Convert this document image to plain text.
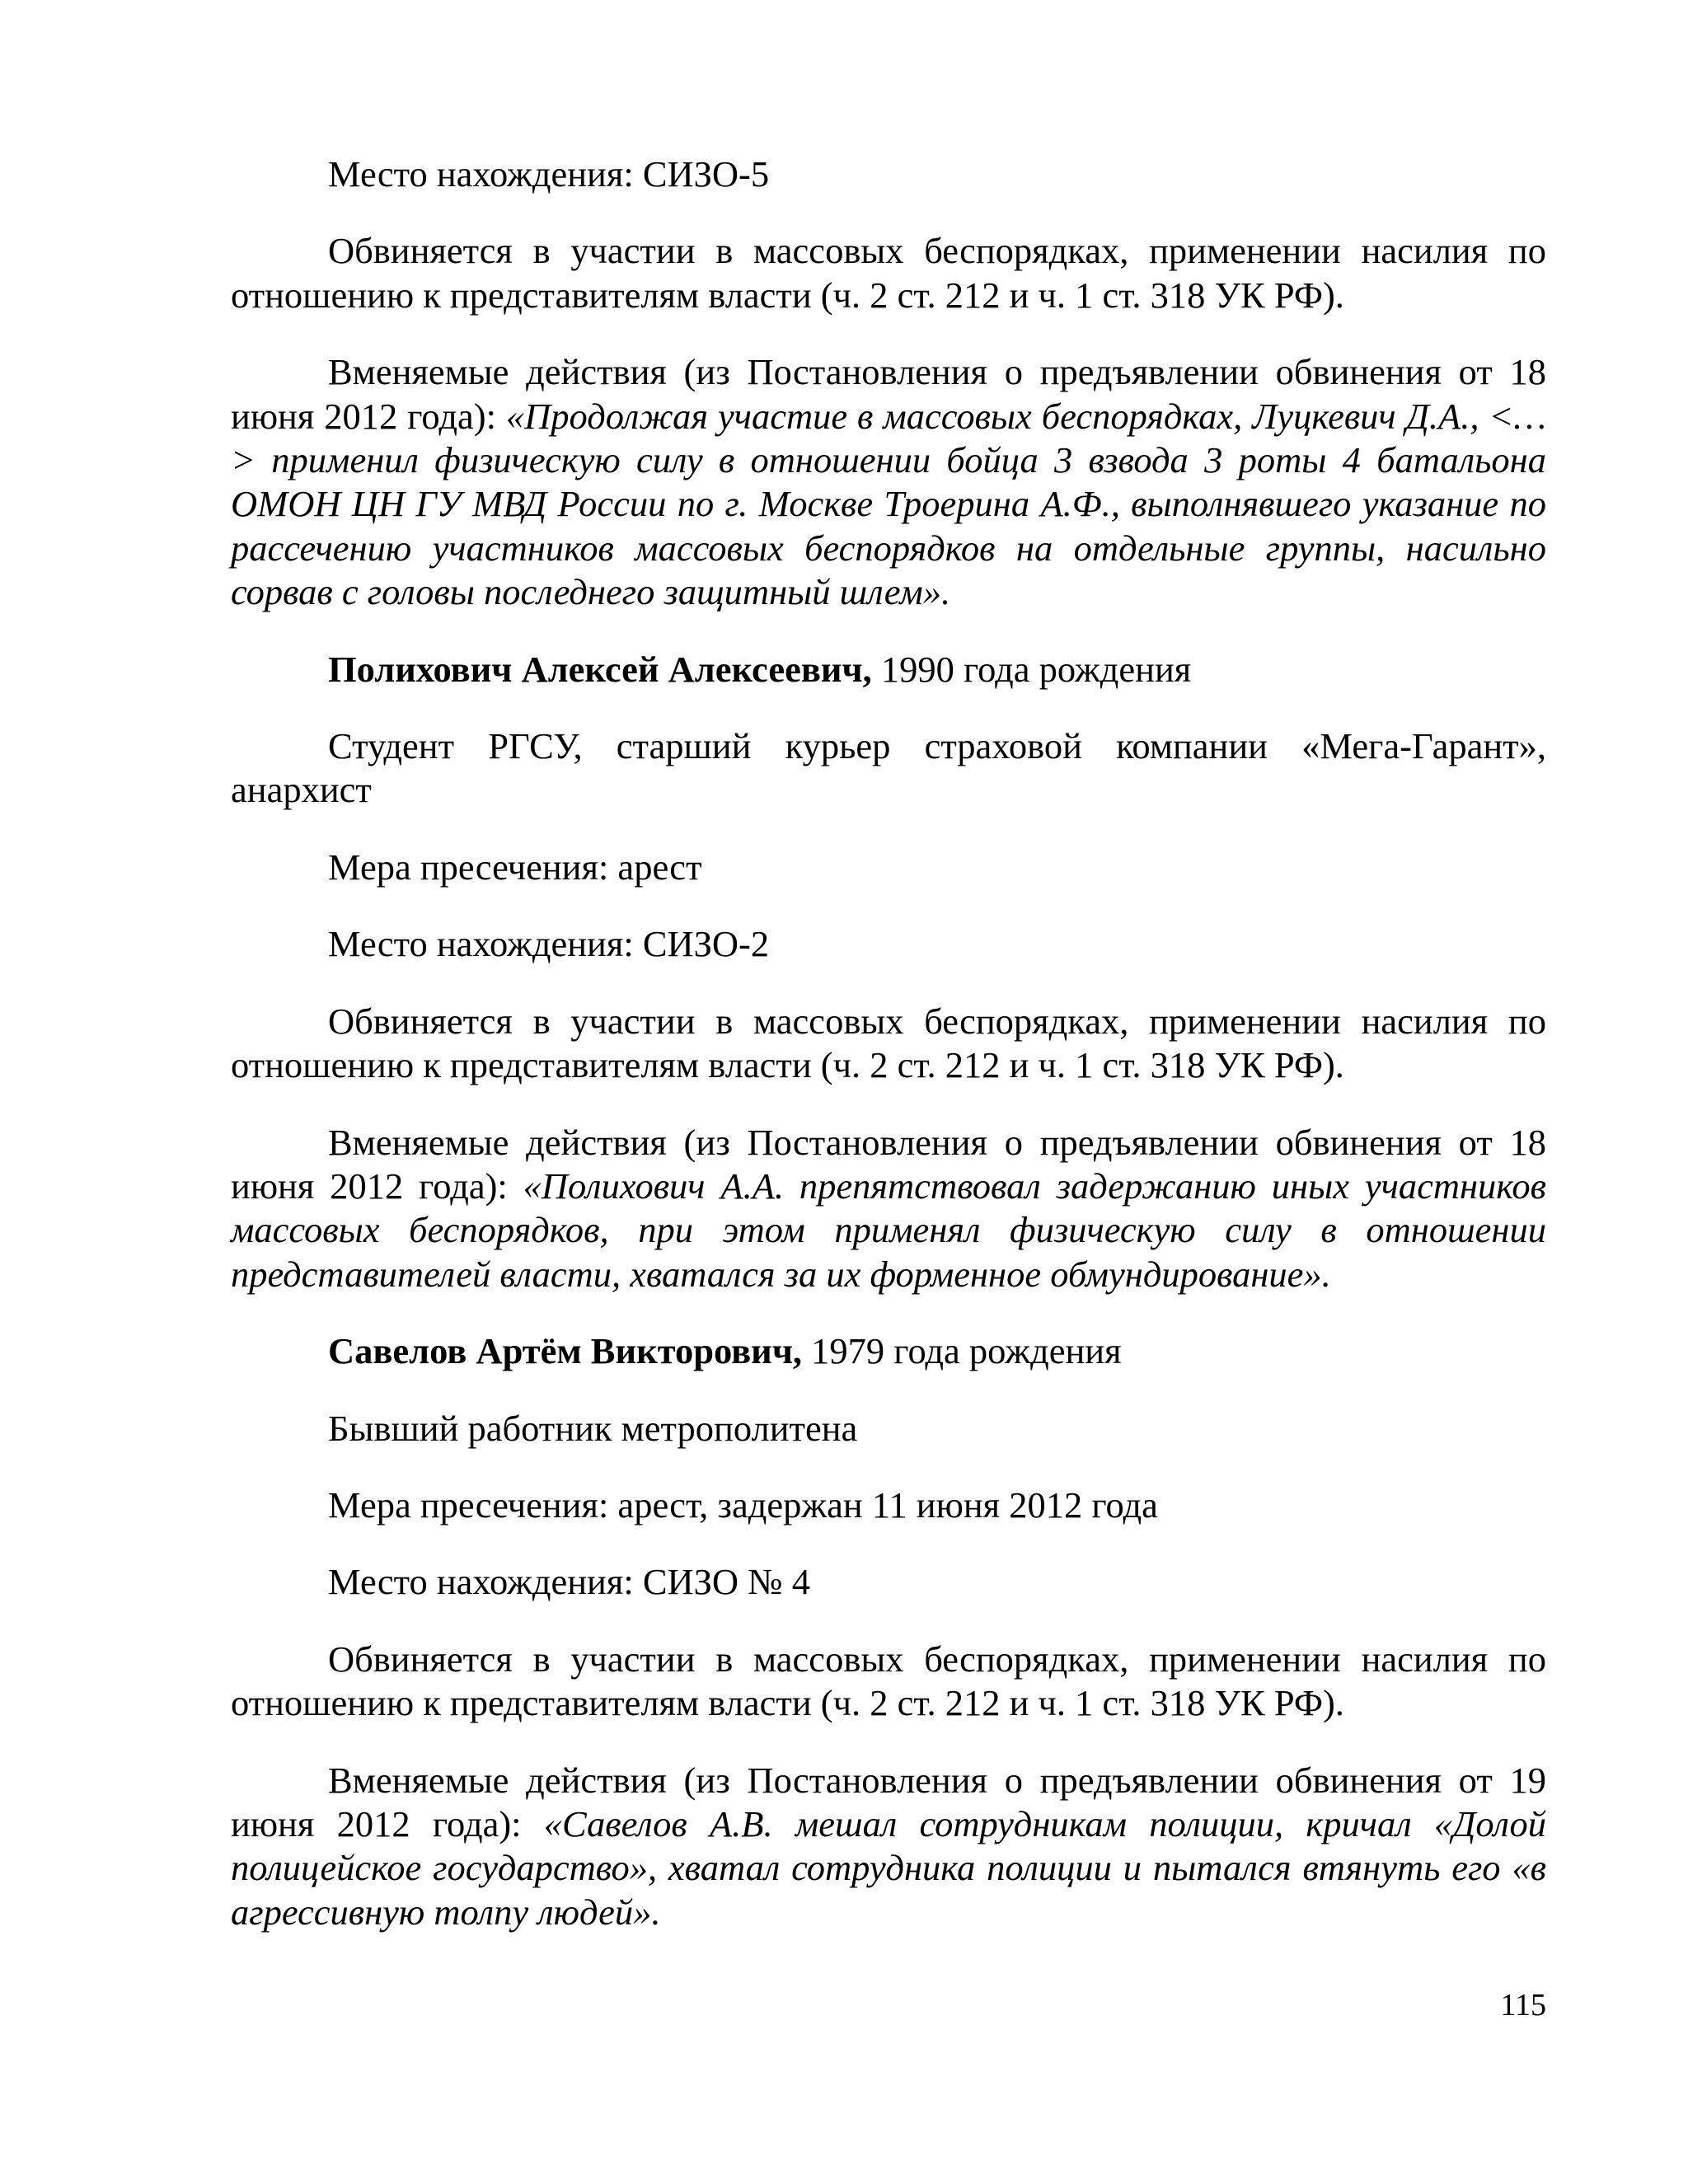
Место нахождения: СИЗО-5

Обвиняется в участии в массовых беспорядках, применении насилия по отношению к представителям власти (ч. 2 ст. 212 и ч. 1 ст. 318 УК РФ).

Вменяемые действия (из Постановления о предъявлении обвинения от 18 июня 2012 года): «Продолжая участие в массовых беспорядках, Луцкевич Д.А., <…> применил физическую силу в отношении бойца 3 взвода 3 роты 4 батальона ОМОН ЦН ГУ МВД России по г. Москве Троерина А.Ф., выполнявшего указание по рассечению участников массовых беспорядков на отдельные группы, насильно сорвав с головы последнего защитный шлем».

Полихович Алексей Алексеевич, 1990 года рождения

Студент РГСУ, старший курьер страховой компании «Мега-Гарант», анархист

Мера пресечения: арест

Место нахождения: СИЗО-2

Обвиняется в участии в массовых беспорядках, применении насилия по отношению к представителям власти (ч. 2 ст. 212 и ч. 1 ст. 318 УК РФ).

Вменяемые действия (из Постановления о предъявлении обвинения от 18 июня 2012 года): «Полихович А.А. препятствовал задержанию иных участников массовых беспорядков, при этом применял физическую силу в отношении представителей власти, хватался за их форменное обмундирование».

Савелов Артём Викторович, 1979 года рождения

Бывший работник метрополитена

Мера пресечения: арест, задержан 11 июня 2012 года

Место нахождения: СИЗО № 4

Обвиняется в участии в массовых беспорядках, применении насилия по отношению к представителям власти (ч. 2 ст. 212 и ч. 1 ст. 318 УК РФ).

Вменяемые действия (из Постановления о предъявлении обвинения от 19 июня 2012 года): «Савелов А.В. мешал сотрудникам полиции, кричал «Долой полицейское государство», хватал сотрудника полиции и пытался втянуть его «в агрессивную толпу людей».

115
